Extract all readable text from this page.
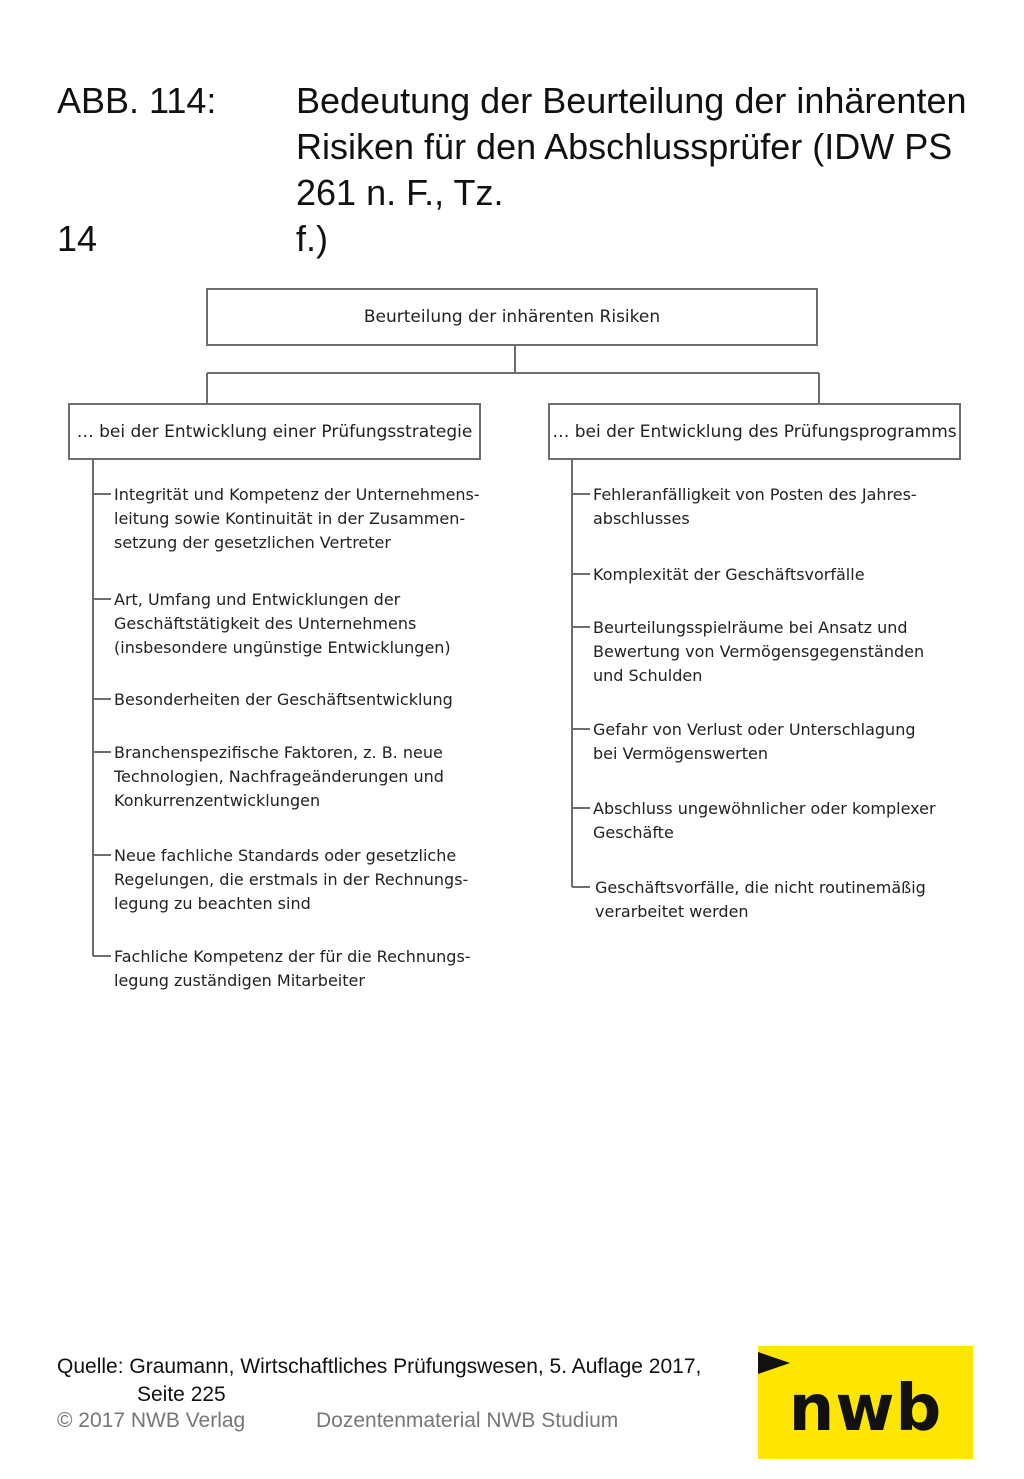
ABB. 114: Bedeutung der Beurteilung der inhärenten Risiken für den Abschlussprüfer (IDW PS 261 n. F., Tz.
14	f.)
Beurteilung der inhärenten Risiken
… bei der Entwicklung einer Prüfungsstrategie	… bei der Entwicklung des Prüfungsprogramms
Integrität und Kompetenz der Unternehmens-
leitung sowie Kontinuität in der Zusammen-
setzung der gesetzlichen Vertreter
Art, Umfang und Entwicklungen der
Geschäftstätigkeit des Unternehmens
(insbesondere ungünstige Entwicklungen)
Besonderheiten der Geschäftsentwicklung
Branchenspezifische Faktoren, z. B. neue
Technologien, Nachfrageänderungen und
Konkurrenzentwicklungen
Neue fachliche Standards oder gesetzliche
Regelungen, die erstmals in der Rechnungs-
legung zu beachten sind
Fachliche Kompetenz der für die Rechnungs-
legung zuständigen Mitarbeiter
Fehleranfälligkeit von Posten des Jahres-
abschlusses
Komplexität der Geschäftsvorfälle
Beurteilungsspielräume bei Ansatz und
Bewertung von Vermögensgegenständen
und Schulden
Gefahr von Verlust oder Unterschlagung
bei Vermögenswerten
Abschluss ungewöhnlicher oder komplexer
Geschäfte
Geschäftsvorfälle, die nicht routinemäßig
verarbeitet werden
Quelle: Graumann, Wirtschaftliches Prüfungswesen, 5. Auflage 2017,
Seite 225
© 2017 NWB Verlag	Dozentenmaterial NWB Studium	nwb
